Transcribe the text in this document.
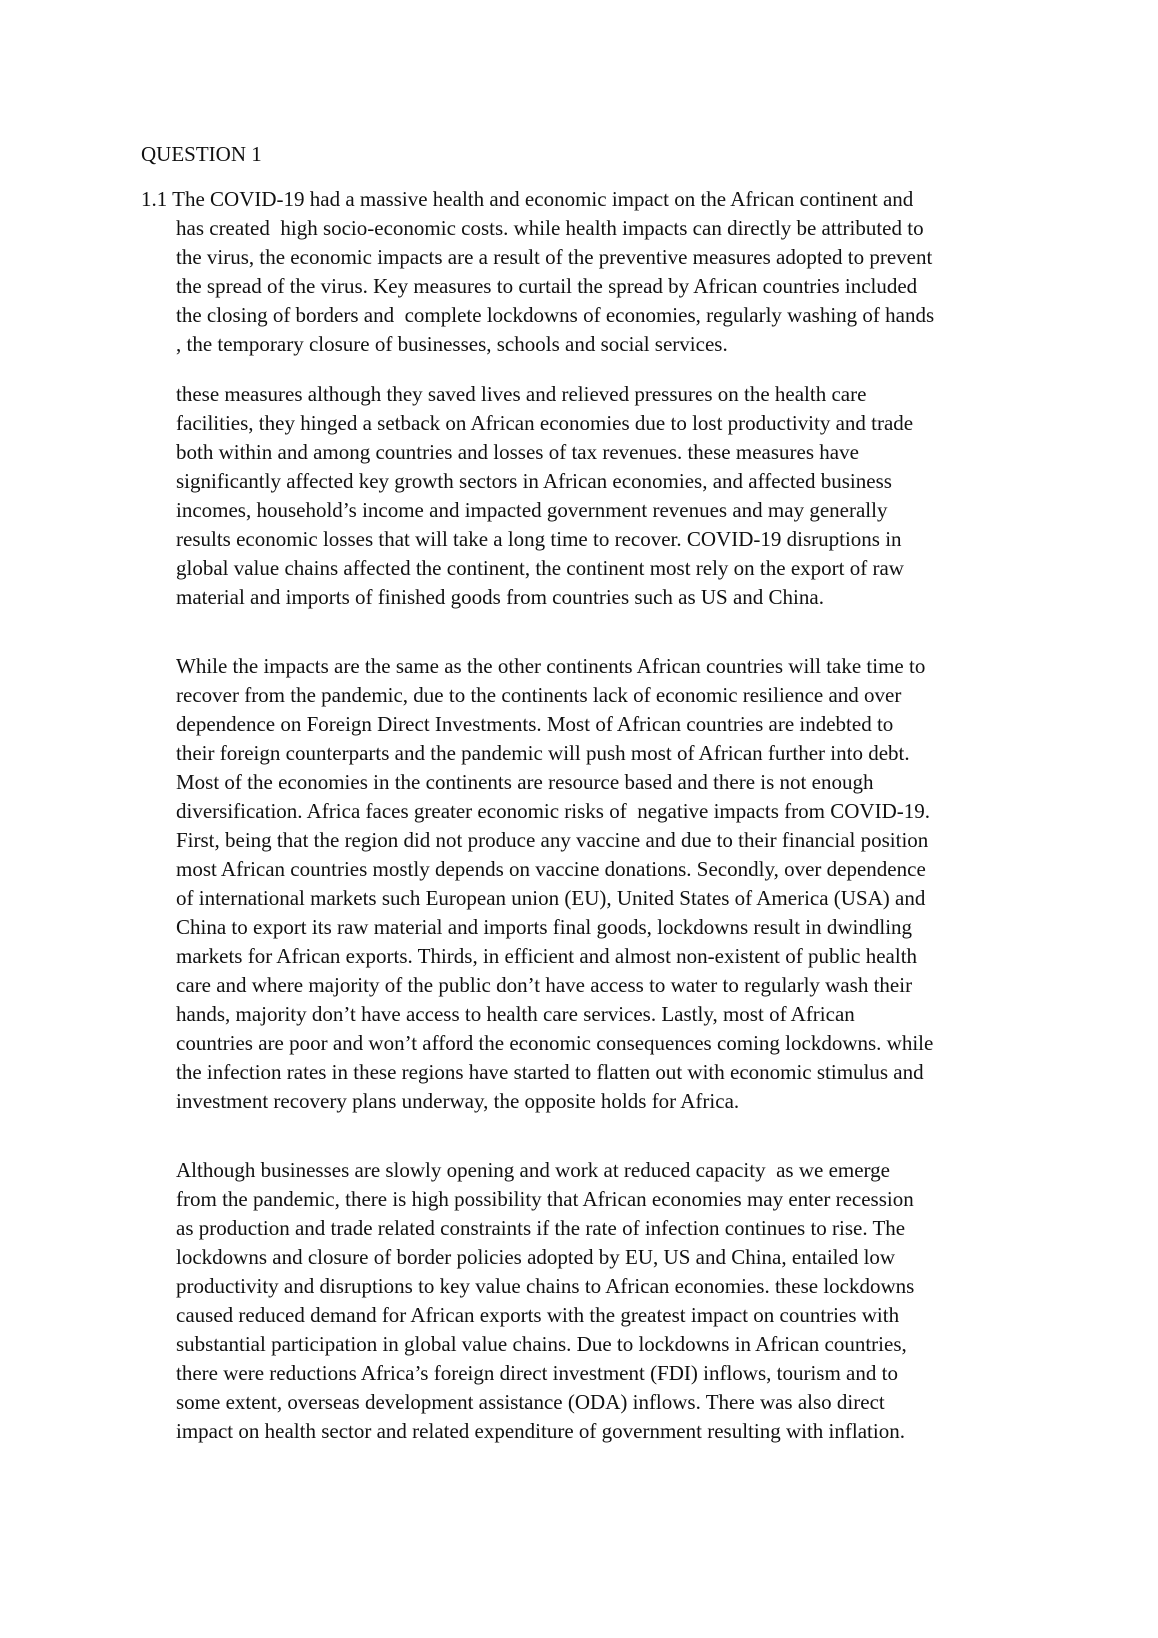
QUESTION 1
1.1 The COVID-19 had a massive health and economic impact on the African continent and
has created  high socio-economic costs. while health impacts can directly be attributed to
the virus, the economic impacts are a result of the preventive measures adopted to prevent
the spread of the virus. Key measures to curtail the spread by African countries included
the closing of borders and  complete lockdowns of economies, regularly washing of hands
, the temporary closure of businesses, schools and social services.
these measures although they saved lives and relieved pressures on the health care
facilities, they hinged a setback on African economies due to lost productivity and trade
both within and among countries and losses of tax revenues. these measures have
significantly affected key growth sectors in African economies, and affected business
incomes, household’s income and impacted government revenues and may generally
results economic losses that will take a long time to recover. COVID-19 disruptions in
global value chains affected the continent, the continent most rely on the export of raw
material and imports of finished goods from countries such as US and China.
While the impacts are the same as the other continents African countries will take time to
recover from the pandemic, due to the continents lack of economic resilience and over
dependence on Foreign Direct Investments. Most of African countries are indebted to
their foreign counterparts and the pandemic will push most of African further into debt.
Most of the economies in the continents are resource based and there is not enough
diversification. Africa faces greater economic risks of  negative impacts from COVID-19.
First, being that the region did not produce any vaccine and due to their financial position
most African countries mostly depends on vaccine donations. Secondly, over dependence
of international markets such European union (EU), United States of America (USA) and
China to export its raw material and imports final goods, lockdowns result in dwindling
markets for African exports. Thirds, in efficient and almost non-existent of public health
care and where majority of the public don’t have access to water to regularly wash their
hands, majority don’t have access to health care services. Lastly, most of African
countries are poor and won’t afford the economic consequences coming lockdowns. while
the infection rates in these regions have started to flatten out with economic stimulus and
investment recovery plans underway, the opposite holds for Africa.
Although businesses are slowly opening and work at reduced capacity  as we emerge
from the pandemic, there is high possibility that African economies may enter recession
as production and trade related constraints if the rate of infection continues to rise. The
lockdowns and closure of border policies adopted by EU, US and China, entailed low
productivity and disruptions to key value chains to African economies. these lockdowns
caused reduced demand for African exports with the greatest impact on countries with
substantial participation in global value chains. Due to lockdowns in African countries,
there were reductions Africa’s foreign direct investment (FDI) inflows, tourism and to
some extent, overseas development assistance (ODA) inflows. There was also direct
impact on health sector and related expenditure of government resulting with inflation.
